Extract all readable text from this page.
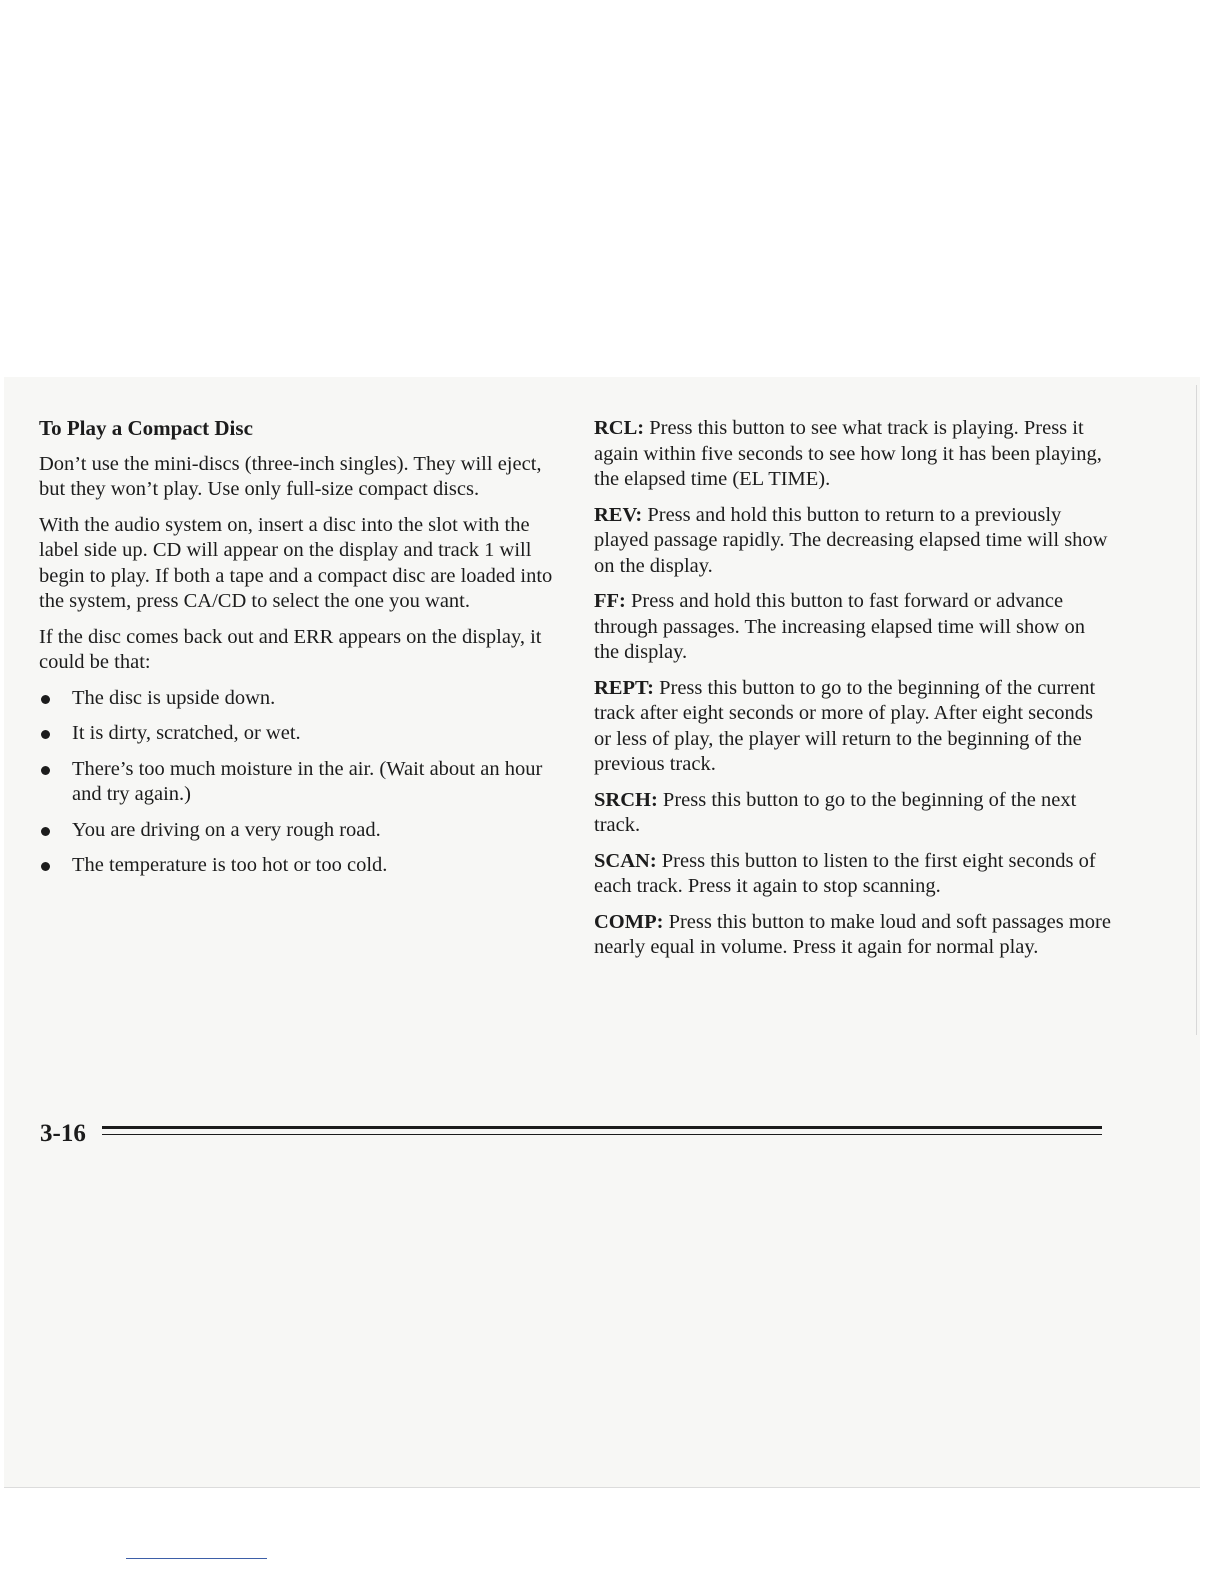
To Play a Compact Disc

Don’t use the mini-discs (three-inch singles). They will eject, but they won’t play. Use only full-size compact discs.

With the audio system on, insert a disc into the slot with the label side up. CD will appear on the display and track 1 will begin to play. If both a tape and a compact disc are loaded into the system, press CA/CD to select the one you want.

If the disc comes back out and ERR appears on the display, it could be that:

The disc is upside down.
It is dirty, scratched, or wet.
There’s too much moisture in the air. (Wait about an hour and try again.)
You are driving on a very rough road.
The temperature is too hot or too cold.

RCL: Press this button to see what track is playing. Press it again within five seconds to see how long it has been playing, the elapsed time (EL TIME).

REV: Press and hold this button to return to a previously played passage rapidly. The decreasing elapsed time will show on the display.

FF: Press and hold this button to fast forward or advance through passages. The increasing elapsed time will show on the display.

REPT: Press this button to go to the beginning of the current track after eight seconds or more of play. After eight seconds or less of play, the player will return to the beginning of the previous track.

SRCH: Press this button to go to the beginning of the next track.

SCAN: Press this button to listen to the first eight seconds of each track. Press it again to stop scanning.

COMP: Press this button to make loud and soft passages more nearly equal in volume. Press it again for normal play.

3-16
